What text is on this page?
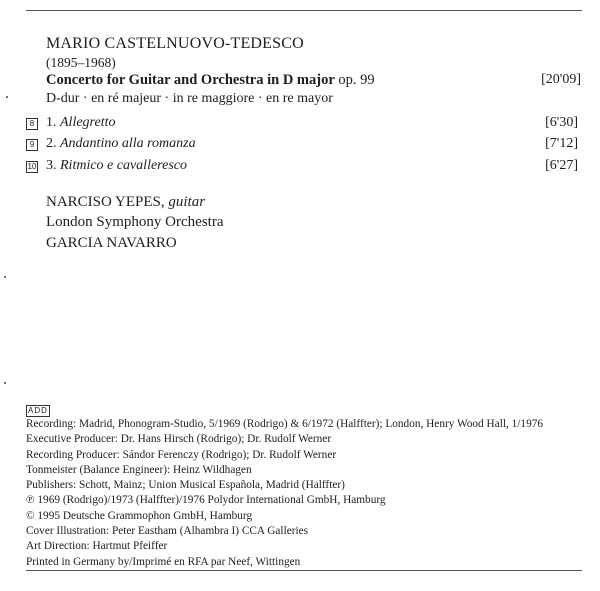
MARIO CASTELNUOVO-TEDESCO
(1895–1968)
Concerto for Guitar and Orchestra in D major op. 99	[20'09]
D-dur · en ré majeur · in re maggiore · en re mayor
8 1. Allegretto	[6'30]
9 2. Andantino alla romanza	[7'12]
10 3. Ritmico e cavalleresco	[6'27]
NARCISO YEPES, guitar
London Symphony Orchestra
GARCIA NAVARRO
ADD
Recording: Madrid, Phonogram-Studio, 5/1969 (Rodrigo) & 6/1972 (Halffter); London, Henry Wood Hall, 1/1976
Executive Producer: Dr. Hans Hirsch (Rodrigo); Dr. Rudolf Werner
Recording Producer: Sándor Ferenczy (Rodrigo); Dr. Rudolf Werner
Tonmeister (Balance Engineer): Heinz Wildhagen
Publishers: Schott, Mainz; Union Musical Española, Madrid (Halffter)
℗ 1969 (Rodrigo)/1973 (Halffter)/1976 Polydor International GmbH, Hamburg
© 1995 Deutsche Grammophon GmbH, Hamburg
Cover Illustration: Peter Eastham (Alhambra I) CCA Galleries
Art Direction: Hartmut Pfeiffer
Printed in Germany by/Imprimé en RFA par Neef, Wittingen
